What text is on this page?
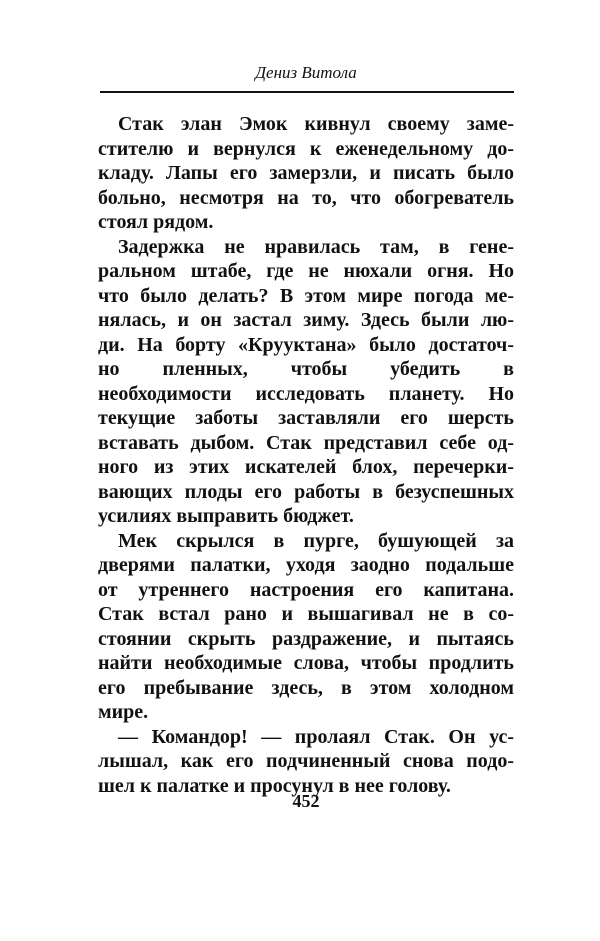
Дениз Витола
Стак элан Эмок кивнул своему заме-
стителю и вернулся к еженедельному до-
кладу. Лапы его замерзли, и писать было
больно, несмотря на то, что обогреватель
стоял рядом.
Задержка не нравилась там, в гене-
ральном штабе, где не нюхали огня. Но
что было делать? В этом мире погода ме-
нялась, и он застал зиму. Здесь были лю-
ди. На борту «Крууктана» было достаточ-
но пленных, чтобы убедить в
необходимости исследовать планету. Но
текущие заботы заставляли его шерсть
вставать дыбом. Стак представил себе од-
ного из этих искателей блох, перечерки-
вающих плоды его работы в безуспешных
усилиях выправить бюджет.
Мек скрылся в пурге, бушующей за
дверями палатки, уходя заодно подальше
от утреннего настроения его капитана.
Стак встал рано и вышагивал не в со-
стоянии скрыть раздражение, и пытаясь
найти необходимые слова, чтобы продлить
его пребывание здесь, в этом холодном
мире.
— Командор! — пролаял Стак. Он ус-
лышал, как его подчиненный снова подо-
шел к палатке и просунул в нее голову.
452
